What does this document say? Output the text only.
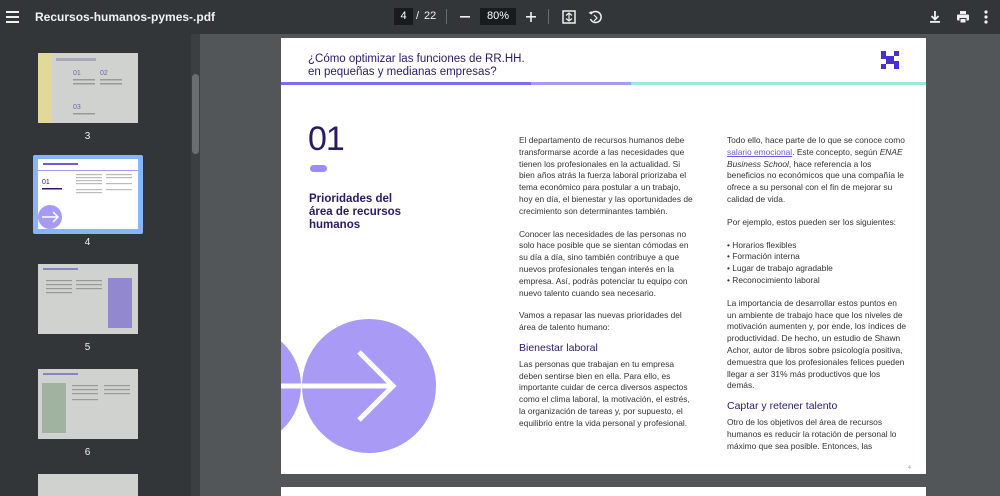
Recursos-humanos-pymes-.pdf
4	/ 22	80%
01	02
03
3
01
4
5
6
¿Cómo optimizar las funciones de RR.HH.
en pequeñas y medianas empresas?
01
Prioridades del
área de recursos
humanos

El departamento de recursos humanos debe transformarse acorde a las necesidades que tienen los profesionales en la actualidad. Si bien años atrás la fuerza laboral priorizaba el tema económico para postular a un trabajo, hoy en día, el bienestar y las oportunidades de crecimiento son determinantes también.

Conocer las necesidades de las personas no solo hace posible que se sientan cómodas en su día a día, sino también contribuye a que nuevos profesionales tengan interés en la empresa. Así, podrás potenciar tu equipo con nuevo talento cuando sea necesario.

Vamos a repasar las nuevas prioridades del área de talento humano:

Bienestar laboral

Las personas que trabajan en tu empresa deben sentirse bien en ella. Para ello, es importante cuidar de cerca diversos aspectos como el clima laboral, la motivación, el estrés, la organización de tareas y, por supuesto, el equilibrio entre la vida personal y profesional.

Todo ello, hace parte de lo que se conoce como salario emocional. Este concepto, según ENAE Business School, hace referencia a los beneficios no económicos que una compañía le ofrece a su personal con el fin de mejorar su calidad de vida.

Por ejemplo, estos pueden ser los siguientes:

• Horarios flexibles
• Formación interna
• Lugar de trabajo agradable
• Reconocimiento laboral

La importancia de desarrollar estos puntos en un ambiente de trabajo hace que los niveles de motivación aumenten y, por ende, los índices de productividad. De hecho, un estudio de Shawn Achor, autor de libros sobre psicología positiva, demuestra que los profesionales felices pueden llegar a ser 31% más productivos que los demás.

Captar y retener talento

Otro de los objetivos del área de recursos humanos es reducir la rotación de personal lo máximo que sea posible. Entonces, las

4
